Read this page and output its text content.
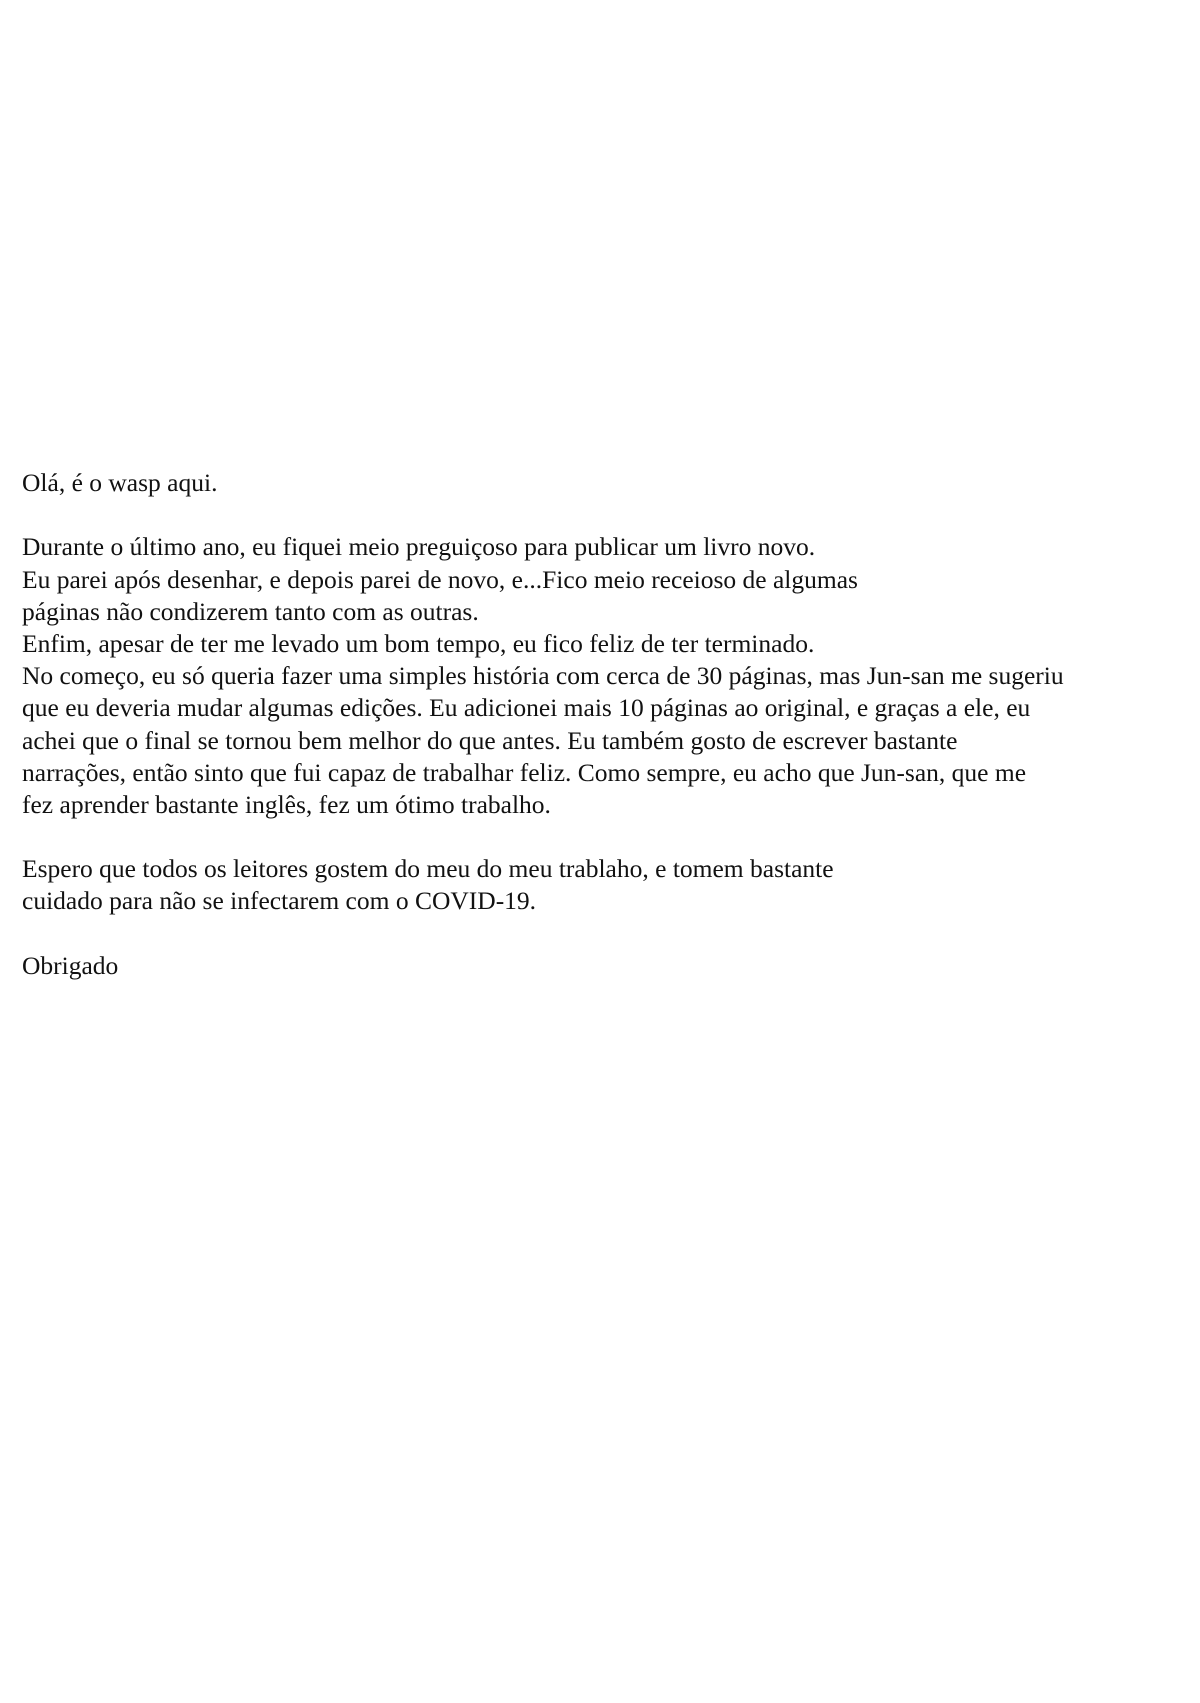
Olá, é o wasp aqui.
Durante o último ano, eu fiquei meio preguiçoso para publicar um livro novo.
Eu parei após desenhar, e depois parei de novo, e...Fico meio receioso de algumas
páginas não condizerem tanto com as outras.
Enfim, apesar de ter me levado um bom tempo, eu fico feliz de ter terminado.
No começo, eu só queria fazer uma simples história com cerca de 30 páginas, mas Jun-san me sugeriu
que eu deveria mudar algumas edições. Eu adicionei mais 10 páginas ao original, e graças a ele, eu
achei que o final se tornou bem melhor do que antes. Eu também gosto de escrever bastante
narrações, então sinto que fui capaz de trabalhar feliz. Como sempre, eu acho que Jun-san, que me
fez aprender bastante inglês, fez um ótimo trabalho.
Espero que todos os leitores gostem do meu do meu trablaho, e tomem bastante
cuidado para não se infectarem com o COVID-19.
Obrigado
